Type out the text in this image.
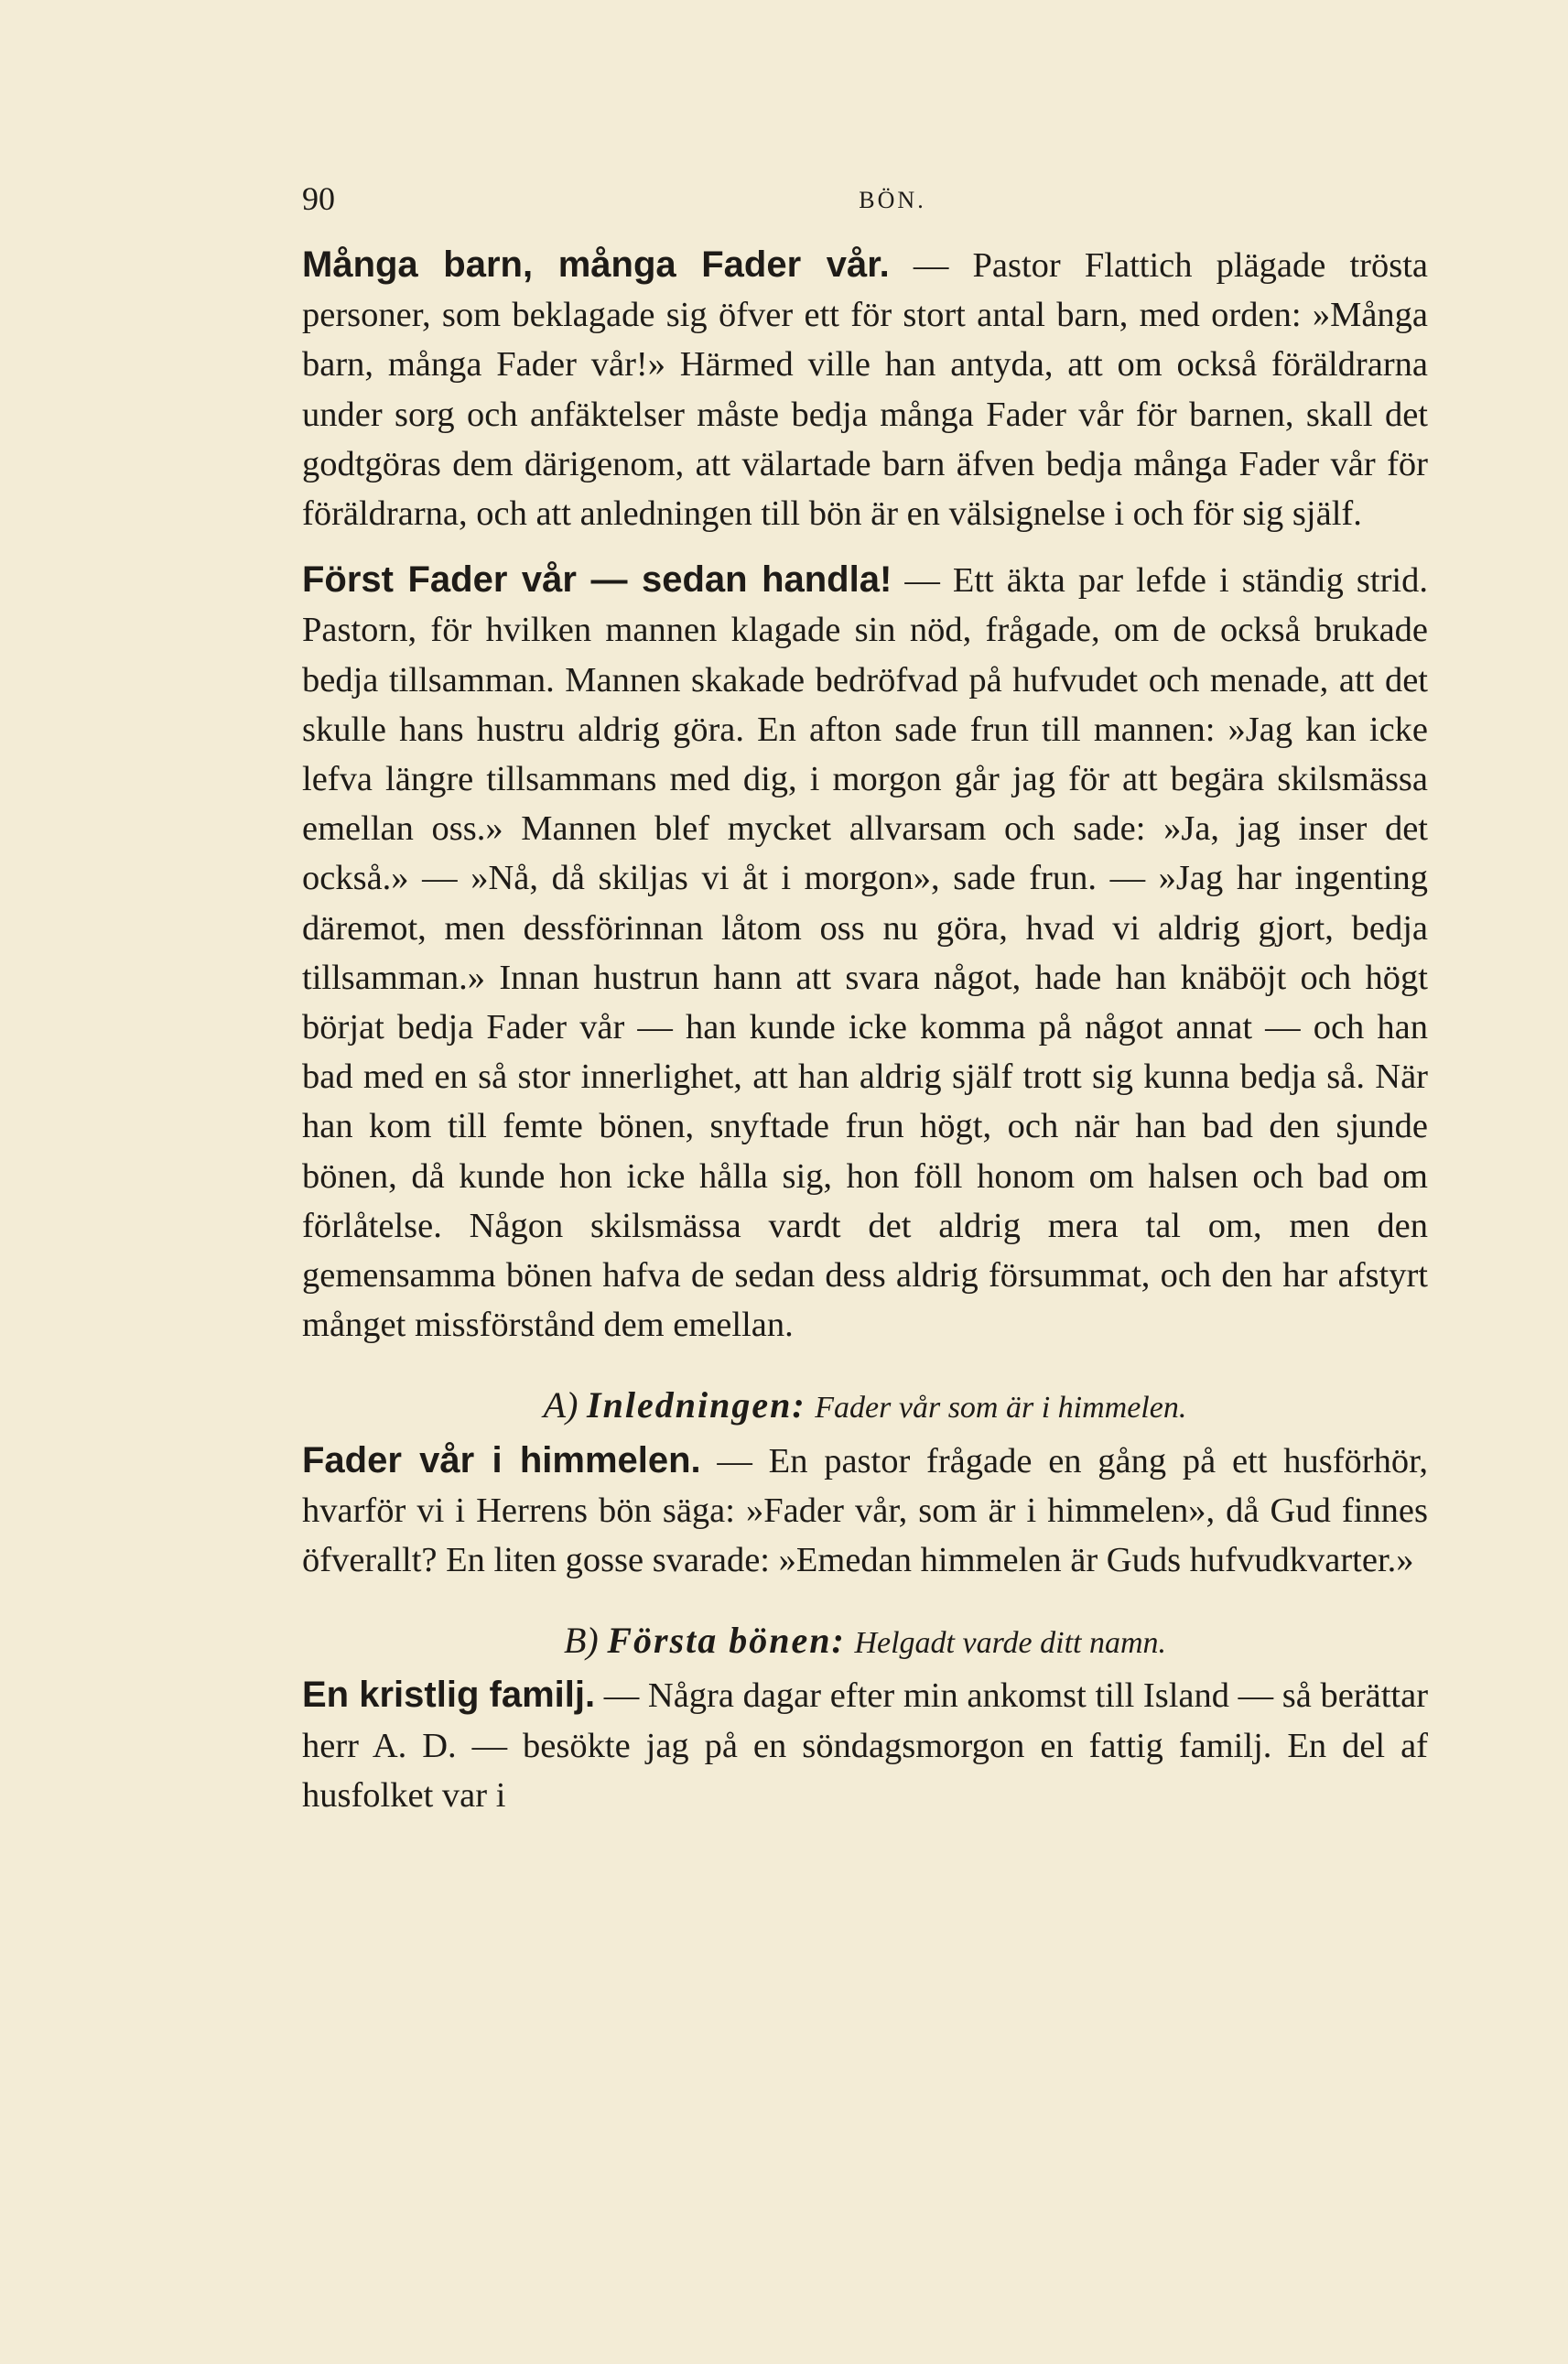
90	BÖN.

Många barn, många Fader vår. — Pastor Flattich plägade trösta personer, som beklagade sig öfver ett för stort antal barn, med orden: »Många barn, många Fader vår!» Härmed ville han antyda, att om också föräldrarna under sorg och anfäktelser måste bedja många Fader vår för barnen, skall det godtgöras dem därigenom, att välartade barn äfven bedja många Fader vår för föräldrarna, och att anledningen till bön är en välsignelse i och för sig själf.

Först Fader vår — sedan handla! — Ett äkta par lefde i ständig strid. Pastorn, för hvilken mannen klagade sin nöd, frågade, om de också brukade bedja tillsamman. Mannen skakade bedröfvad på hufvudet och menade, att det skulle hans hustru aldrig göra. En afton sade frun till mannen: »Jag kan icke lefva längre tillsammans med dig, i morgon går jag för att begära skilsmässa emellan oss.» Mannen blef mycket allvarsam och sade: »Ja, jag inser det också.» — »Nå, då skiljas vi åt i morgon», sade frun. — »Jag har ingenting däremot, men dessförinnan låtom oss nu göra, hvad vi aldrig gjort, bedja tillsamman.» Innan hustrun hann att svara något, hade han knäböjt och högt börjat bedja Fader vår — han kunde icke komma på något annat — och han bad med en så stor innerlighet, att han aldrig själf trott sig kunna bedja så. När han kom till femte bönen, snyftade frun högt, och när han bad den sjunde bönen, då kunde hon icke hålla sig, hon föll honom om halsen och bad om förlåtelse. Någon skilsmässa vardt det aldrig mera tal om, men den gemensamma bönen hafva de sedan dess aldrig försummat, och den har afstyrt månget missförstånd dem emellan.

A) Inledningen: Fader vår som är i himmelen.

Fader vår i himmelen. — En pastor frågade en gång på ett husförhör, hvarför vi i Herrens bön säga: »Fader vår, som är i himmelen», då Gud finnes öfverallt? En liten gosse svarade: »Emedan himmelen är Guds hufvudkvarter.»

B) Första bönen: Helgadt varde ditt namn.

En kristlig familj. — Några dagar efter min ankomst till Island — så berättar herr A. D. — besökte jag på en söndagsmorgon en fattig familj. En del af husfolket var i
